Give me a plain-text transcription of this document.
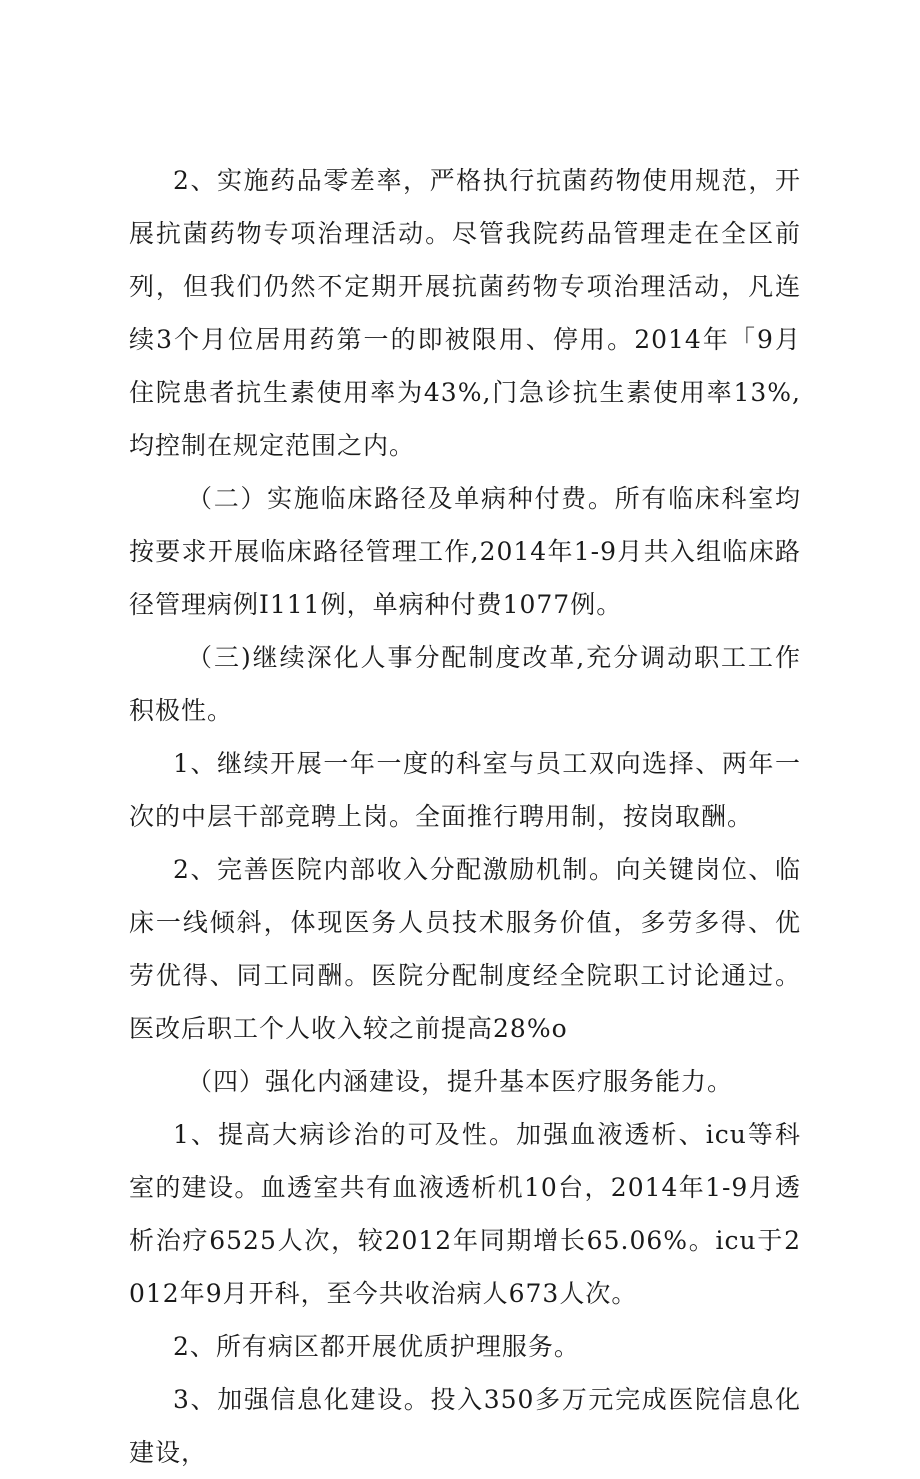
2、实施药品零差率，严格执行抗菌药物使用规范，开展抗菌药物专项治理活动。尽管我院药品管理走在全区前列，但我们仍然不定期开展抗菌药物专项治理活动，凡连续3个月位居用药第一的即被限用、停用。2014年「9月住院患者抗生素使用率为43%,门急诊抗生素使用率13%,均控制在规定范围之内。

（二）实施临床路径及单病种付费。所有临床科室均按要求开展临床路径管理工作,2014年1-9月共入组临床路径管理病例I111例，单病种付费1077例。

（三)继续深化人事分配制度改革,充分调动职工工作积极性。

1、继续开展一年一度的科室与员工双向选择、两年一次的中层干部竞聘上岗。全面推行聘用制，按岗取酬。

2、完善医院内部收入分配激励机制。向关键岗位、临床一线倾斜，体现医务人员技术服务价值，多劳多得、优劳优得、同工同酬。医院分配制度经全院职工讨论通过。医改后职工个人收入较之前提高28%o

（四）强化内涵建设，提升基本医疗服务能力。

1、提高大病诊治的可及性。加强血液透析、icu等科室的建设。血透室共有血液透析机10台，2014年1-9月透析治疗6525人次，较2012年同期增长65.06%。icu于2012年9月开科，至今共收治病人673人次。

2、所有病区都开展优质护理服务。

3、加强信息化建设。投入350多万元完成医院信息化建设，
